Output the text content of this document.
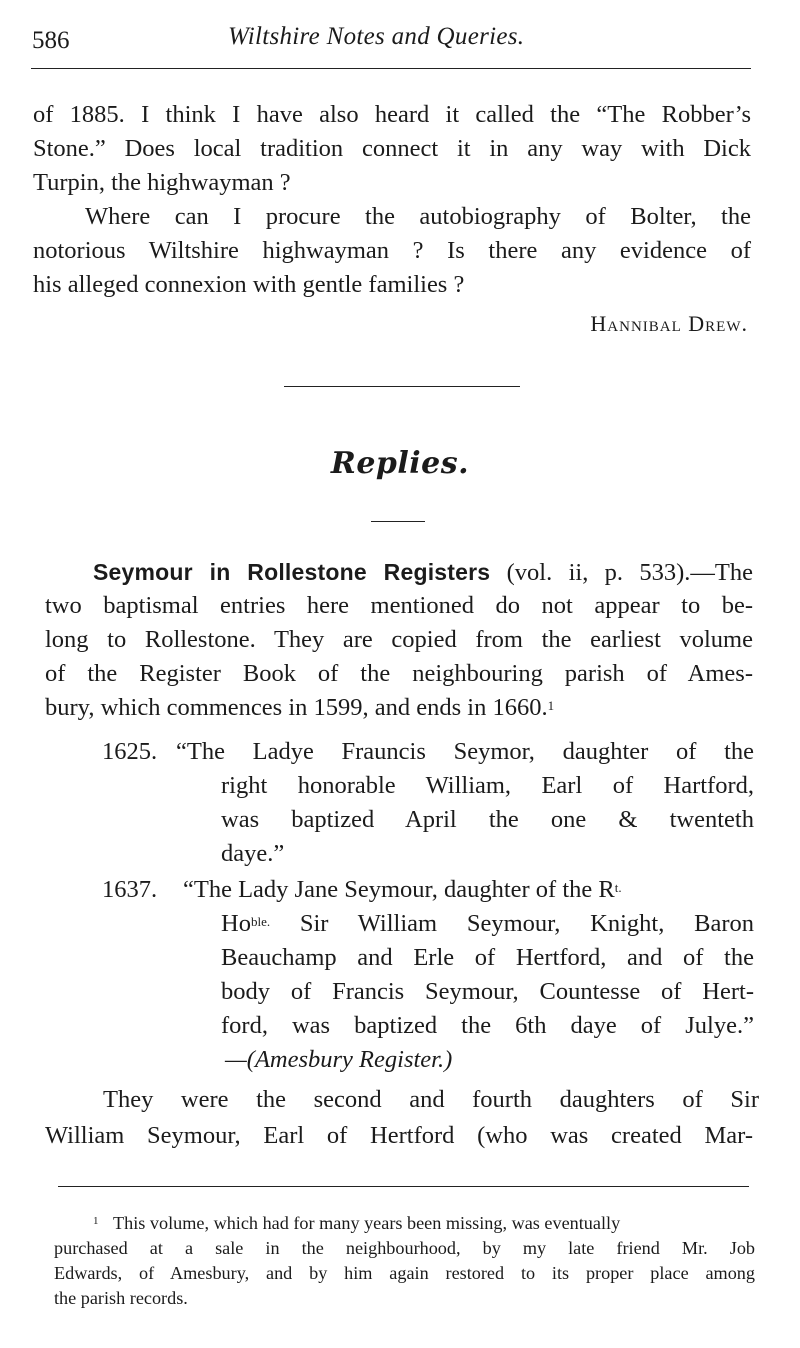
586	Wiltshire Notes and Queries.
of 1885. I think I have also heard it called the “The Robber’s
Stone.” Does local tradition connect it in any way with Dick
Turpin, the highwayman ?
Where can I procure the autobiography of Bolter, the
notorious Wiltshire highwayman ? Is there any evidence of
his alleged connexion with gentle families ?
Hannibal Drew.
Replies.
Seymour in Rollestone Registers (vol. ii, p. 533).—The
two baptismal entries here mentioned do not appear to be-
long to Rollestone. They are copied from the earliest volume
of the Register Book of the neighbouring parish of Ames-
bury, which commences in 1599, and ends in 1660.$^1$
1625. “The Ladye Frauncis Seymor, daughter of the
right honorable William, Earl of Hartford,
was baptized April the one & twenteth
daye.”
1637. “The Lady Jane Seymour, daughter of the $R^{t.}$
$Ho^{ble.}$ Sir William Seymour, Knight, Baron
Beauchamp and Erle of Hertford, and of the
body of Francis Seymour, Countesse of Hert-
ford, was baptized the 6th daye of Julye.”
—(Amesbury Register.)
They were the second and fourth daughters of Sir
William Seymour, Earl of Hertford (who was created Mar-
$^1$ This volume, which had for many years been missing, was eventually
purchased at a sale in the neighbourhood, by my late friend Mr. Job
Edwards, of Amesbury, and by him again restored to its proper place among
the parish records.
